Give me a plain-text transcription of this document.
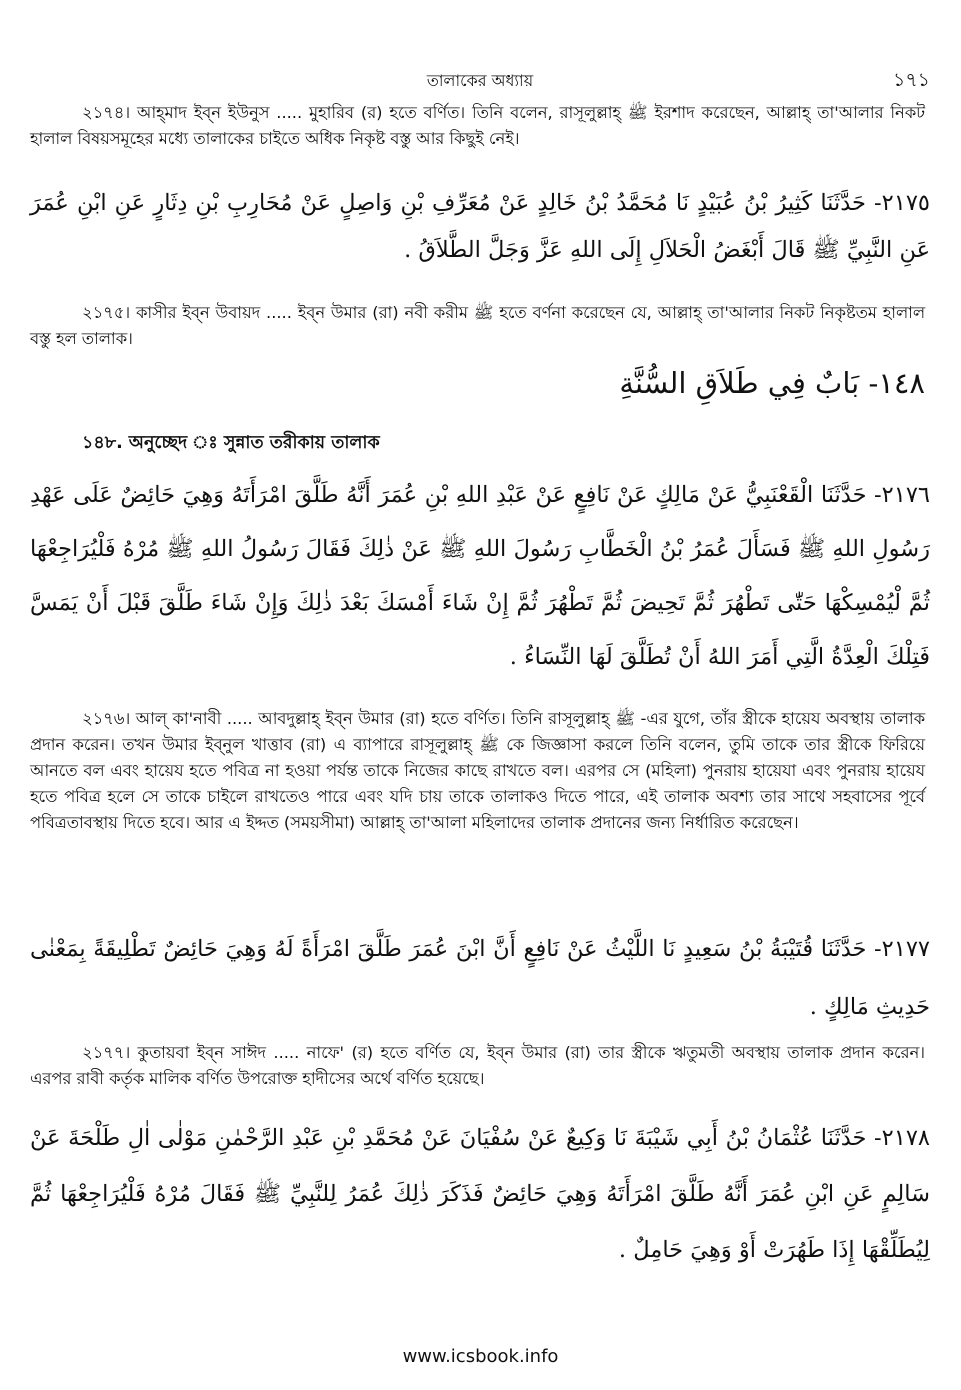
তালাকের অধ্যায়	১৭১

২১৭৪। আহ্‌মাদ ইব্‌ন ইউনুস ..... মুহারিব (র) হতে বর্ণিত। তিনি বলেন, রাসূলুল্লাহ্ ﷺ ইরশাদ করেছেন, আল্লাহ্ তা'আলার নিকট হালাল বিষয়সমূহের মধ্যে তালাকের চাইতে অধিক নিকৃষ্ট বস্তু আর কিছুই নেই।

٢١٧٥- حَدَّثَنَا كَثِيرُ بْنُ عُبَيْدٍ نَا مُحَمَّدُ بْنُ خَالِدٍ عَنْ مُعَرِّفِ بْنِ وَاصِلٍ عَنْ مُحَارِبِ بْنِ دِثَارٍ عَنِ ابْنِ عُمَرَ عَنِ النَّبِيِّ ﷺ قَالَ أَبْغَضُ الْحَلاَلِ إِلَى اللهِ عَزَّ وَجَلَّ الطَّلاَقُ .

২১৭৫। কাসীর ইব্‌ন উবায়দ ..... ইব্‌ন উমার (রা) নবী করীম ﷺ হতে বর্ণনা করেছেন যে, আল্লাহ্ তা'আলার নিকট নিকৃষ্টতম হালাল বস্তু হল তালাক।

١٤٨- بَابٌ فِي طَلاَقِ السُّنَّةِ
১৪৮. অনুচ্ছেদ ঃ সুন্নাত তরীকায় তালাক

٢١٧٦- حَدَّثَنَا الْقَعْنَبِيُّ عَنْ مَالِكٍ عَنْ نَافِعٍ عَنْ عَبْدِ اللهِ بْنِ عُمَرَ أَنَّهُ طَلَّقَ امْرَأَتَهُ وَهِيَ حَائِضٌ عَلَى عَهْدِ رَسُولِ اللهِ ﷺ فَسَأَلَ عُمَرُ بْنُ الْخَطَّابِ رَسُولَ اللهِ ﷺ عَنْ ذٰلِكَ فَقَالَ رَسُولُ اللهِ ﷺ مُرْهُ فَلْيُرَاجِعْهَا ثُمَّ لْيُمْسِكْهَا حَتّٰى تَطْهُرَ ثُمَّ تَحِيضَ ثُمَّ تَطْهُرَ ثُمَّ إِنْ شَاءَ أَمْسَكَ بَعْدَ ذٰلِكَ وَإِنْ شَاءَ طَلَّقَ قَبْلَ أَنْ يَمَسَّ فَتِلْكَ الْعِدَّةُ الَّتِي أَمَرَ اللهُ أَنْ تُطَلَّقَ لَهَا النِّسَاءُ .

২১৭৬। আল্ কা'নাবী ..... আবদুল্লাহ্ ইব্‌ন উমার (রা) হতে বর্ণিত। তিনি রাসূলুল্লাহ্ ﷺ -এর যুগে, তাঁর স্ত্রীকে হায়েয অবস্থায় তালাক প্রদান করেন। তখন উমার ইব্‌নুল খাত্তাব (রা) এ ব্যাপারে রাসূলুল্লাহ্ ﷺ কে জিজ্ঞাসা করলে তিনি বলেন, তুমি তাকে তার স্ত্রীকে ফিরিয়ে আনতে বল এবং হায়েয হতে পবিত্র না হওয়া পর্যন্ত তাকে নিজের কাছে রাখতে বল। এরপর সে (মহিলা) পুনরায় হায়েযা এবং পুনরায় হায়েয হতে পবিত্র হলে সে তাকে চাইলে রাখতেও পারে এবং যদি চায় তাকে তালাকও দিতে পারে, এই তালাক অবশ্য তার সাথে সহবাসের পূর্বে পবিত্রতাবস্থায় দিতে হবে। আর এ ইদ্দত (সময়সীমা) আল্লাহ্ তা'আলা মহিলাদের তালাক প্রদানের জন্য নির্ধারিত করেছেন।

٢١٧٧- حَدَّثَنَا قُتَيْبَةُ بْنُ سَعِيدٍ نَا اللَّيْثُ عَنْ نَافِعٍ أَنَّ ابْنَ عُمَرَ طَلَّقَ امْرَأَةً لَهُ وَهِيَ حَائِضٌ تَطْلِيقَةً بِمَعْنٰى حَدِيثِ مَالِكٍ .

২১৭৭। কুতায়বা ইব্‌ন সাঈদ ..... নাফে' (র) হতে বর্ণিত যে, ইব্‌ন উমার (রা) তার স্ত্রীকে ঋতুমতী অবস্থায় তালাক প্রদান করেন। এরপর রাবী কর্তৃক মালিক বর্ণিত উপরোক্ত হাদীসের অর্থে বর্ণিত হয়েছে।

٢١٧٨- حَدَّثَنَا عُثْمَانُ بْنُ أَبِي شَيْبَةَ نَا وَكِيعٌ عَنْ سُفْيَانَ عَنْ مُحَمَّدِ بْنِ عَبْدِ الرَّحْمٰنِ مَوْلٰى اٰلِ طَلْحَةَ عَنْ سَالِمٍ عَنِ ابْنِ عُمَرَ أَنَّهُ طَلَّقَ امْرَأَتَهُ وَهِيَ حَائِضٌ فَذَكَرَ ذٰلِكَ عُمَرُ لِلنَّبِيِّ ﷺ فَقَالَ مُرْهُ فَلْيُرَاجِعْهَا ثُمَّ لِيُطَلِّقْهَا إِذَا طَهُرَتْ أَوْ وَهِيَ حَامِلٌ .

www.icsbook.info
